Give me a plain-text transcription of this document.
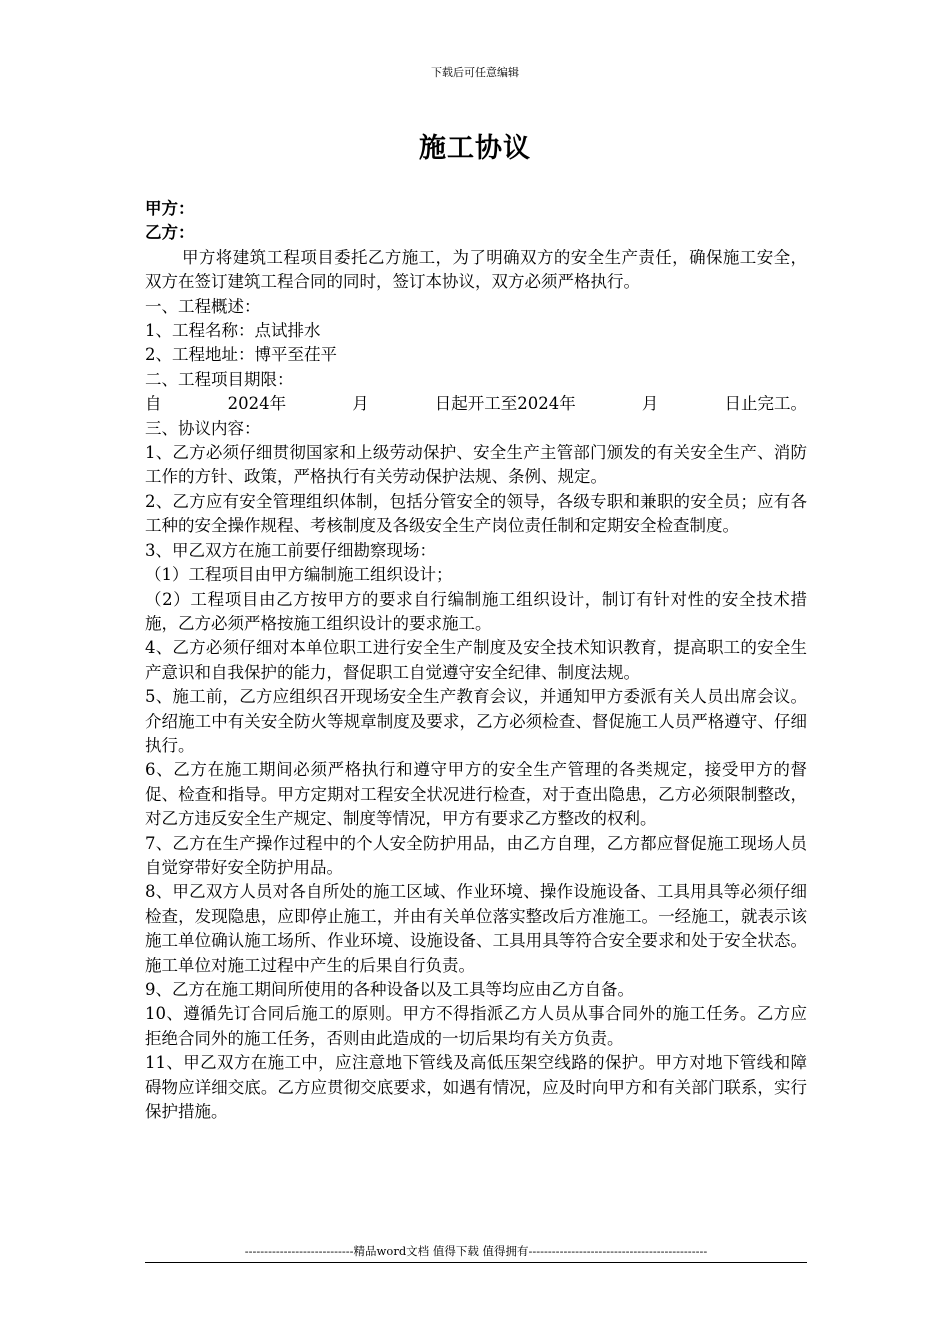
下载后可任意编辑
施工协议

甲方：

乙方：

甲方将建筑工程项目委托乙方施工，为了明确双方的安全生产责任，确保施工安全，双方在签订建筑工程合同的同时，签订本协议，双方必须严格执行。

一、工程概述：

1、工程名称：点试排水

2、工程地址：博平至茌平

二、工程项目期限：

自	2024年	月	日起开工至2024年	月	日止完工。

三、协议内容：

1、乙方必须仔细贯彻国家和上级劳动保护、安全生产主管部门颁发的有关安全生产、消防工作的方针、政策，严格执行有关劳动保护法规、条例、规定。

2、乙方应有安全管理组织体制，包括分管安全的领导，各级专职和兼职的安全员；应有各工种的安全操作规程、考核制度及各级安全生产岗位责任制和定期安全检查制度。

3、甲乙双方在施工前要仔细勘察现场：

（1）工程项目由甲方编制施工组织设计；

（2）工程项目由乙方按甲方的要求自行编制施工组织设计，制订有针对性的安全技术措施，乙方必须严格按施工组织设计的要求施工。

4、乙方必须仔细对本单位职工进行安全生产制度及安全技术知识教育，提高职工的安全生产意识和自我保护的能力，督促职工自觉遵守安全纪律、制度法规。

5、施工前，乙方应组织召开现场安全生产教育会议，并通知甲方委派有关人员出席会议。介绍施工中有关安全防火等规章制度及要求，乙方必须检查、督促施工人员严格遵守、仔细执行。

6、乙方在施工期间必须严格执行和遵守甲方的安全生产管理的各类规定，接受甲方的督促、检查和指导。甲方定期对工程安全状况进行检查，对于查出隐患，乙方必须限制整改，对乙方违反安全生产规定、制度等情况，甲方有要求乙方整改的权利。

7、乙方在生产操作过程中的个人安全防护用品，由乙方自理，乙方都应督促施工现场人员自觉穿带好安全防护用品。

8、甲乙双方人员对各自所处的施工区域、作业环境、操作设施设备、工具用具等必须仔细检查，发现隐患，应即停止施工，并由有关单位落实整改后方准施工。一经施工，就表示该施工单位确认施工场所、作业环境、设施设备、工具用具等符合安全要求和处于安全状态。施工单位对施工过程中产生的后果自行负责。

9、乙方在施工期间所使用的各种设备以及工具等均应由乙方自备。

10、遵循先订合同后施工的原则。甲方不得指派乙方人员从事合同外的施工任务。乙方应拒绝合同外的施工任务，否则由此造成的一切后果均有关方负责。

11、甲乙双方在施工中，应注意地下管线及高低压架空线路的保护。甲方对地下管线和障碍物应详细交底。乙方应贯彻交底要求，如遇有情况，应及时向甲方和有关部门联系，实行保护措施。

----------------------------精品word文档 值得下载 值得拥有----------------------------------------------
